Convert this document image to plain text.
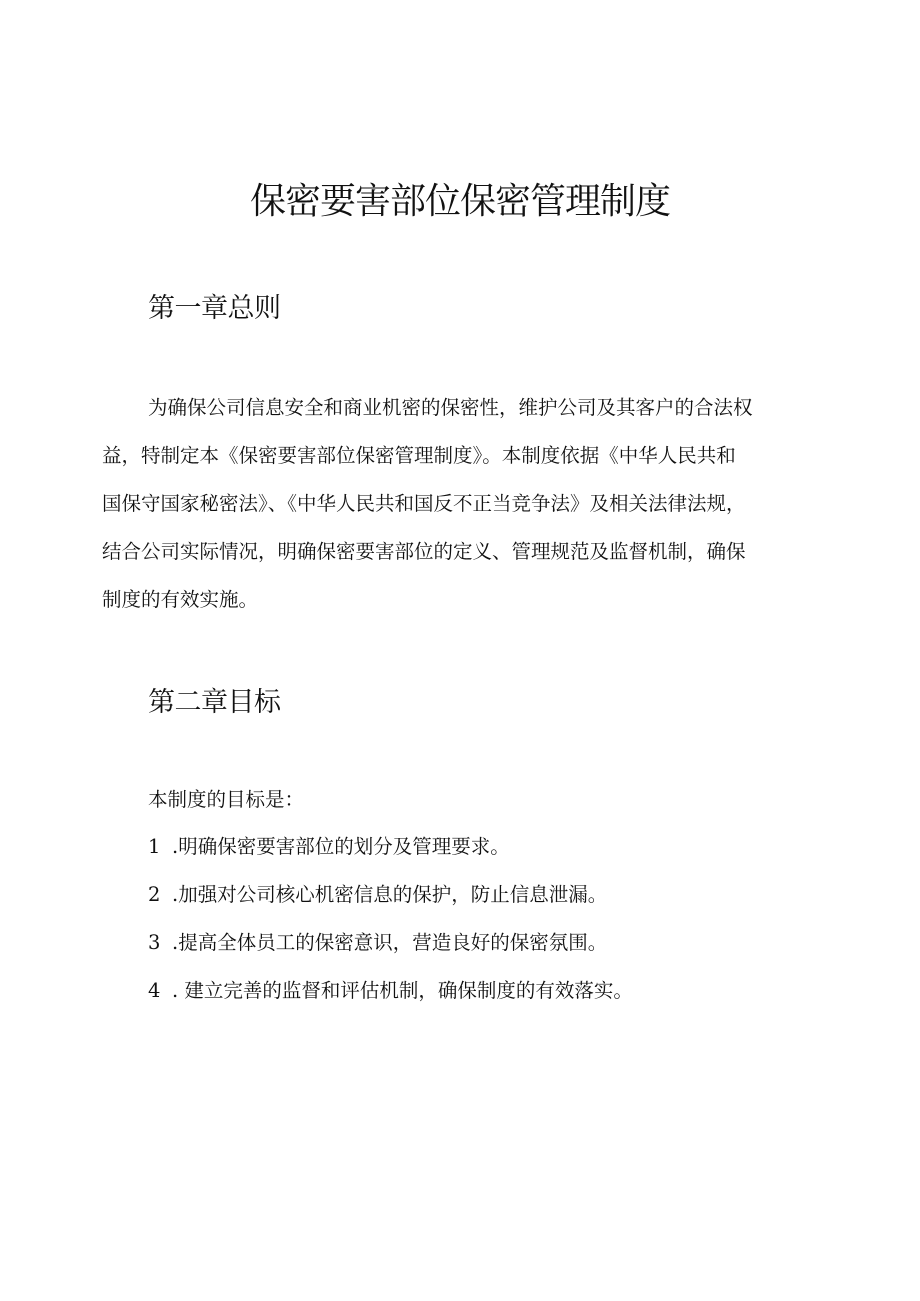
保密要害部位保密管理制度
第一章总则

为确保公司信息安全和商业机密的保密性，维护公司及其客户的合法权
益，特制定本《保密要害部位保密管理制度》。本制度依据《中华人民共和
国保守国家秘密法》、《中华人民共和国反不正当竞争法》及相关法律法规，
结合公司实际情况，明确保密要害部位的定义、管理规范及监督机制，确保
制度的有效实施。

第二章目标

本制度的目标是：

1 .明确保密要害部位的划分及管理要求。
2 .加强对公司核心机密信息的保护，防止信息泄漏。
3 .提高全体员工的保密意识，营造良好的保密氛围。
4 . 建立完善的监督和评估机制，确保制度的有效落实。
